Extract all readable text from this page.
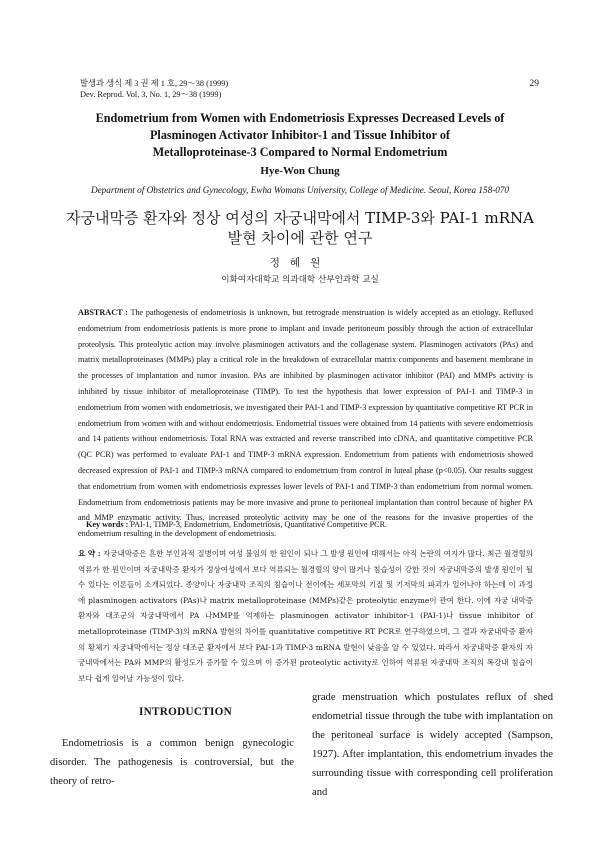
발생과 생식 제 3 권 제 1 호, 29～38 (1999)
Dev. Reprod. Vol. 3, No. 1, 29～38 (1999)
29
Endometrium from Women with Endometriosis Expresses Decreased Levels of
Plasminogen Activator Inhibitor-1 and Tissue Inhibitor of
Metalloproteinase-3 Compared to Normal Endometrium
Hye-Won Chung
Department of Obstetrics and Gynecology, Ewha Womans University, College of Medicine. Seoul, Korea 158-070
자궁내막증 환자와 정상 여성의 자궁내막에서 TIMP-3와 PAI-1 mRNA
발현 차이에 관한 연구
정혜원
이화여자대학교 의과대학 산부인과학 교실
ABSTRACT : The pathogenesis of endometriosis is unknown, but retrograde menstruation is widely accepted as an etiology. Refluxed endometrium from endometriosis patients is more prone to implant and invade peritoneum possibly through the action of extracellular proteolysis. This proteolytic action may involve plasminogen activators and the collagenase system. Plasminogen activators (PAs) and matrix metalloproteinases (MMPs) play a critical role in the breakdown of extracellular matrix components and basement membrane in the processes of implantation and tumor invasion. PAs are inhibited by plasminogen activator inhibitor (PAI) and MMPs activity is inhibited by tissue inhibitor of metalloproteinase (TIMP). To test the hypothesis that lower expression of PAI-1 and TIMP-3 in endometrium from women with endometriosis, we investigated their PAI-1 and TIMP-3 expression by quantitative competitive RT PCR in endometrium from women with and without endometriosis. Endometrial tissues were obtained from 14 patients with severe endometriosis and 14 patients without endometriosis. Total RNA was extracted and reverse transcribed into cDNA, and quantitative competitive PCR (QC PCR) was performed to evaluate PAI-1 and TIMP-3 mRNA expression. Endometrium from patients with endometriosis showed decreased expression of PAI-1 and TIMP-3 mRNA compared to endometrium from control in luteal phase (p<0.05). Our results suggest that endometrium from women with endometriosis expresses lower levels of PAI-1 and TIMP-3 than endometrium from normal women. Endometrium from endometriosis patients may be more invasive and prone to peritoneal implantation than control because of higher PA and MMP enzymatic activity. Thus, increased proteolytic activity may be one of the reasons for the invasive properties of the endometrium resulting in the development of endometriosis.
Key words : PAI-1, TIMP-3, Endometrium, Endometriosis, Quantitative Competitive PCR.
요 약 : 자궁내막증은 흔한 부인과적 질병이며 여성 불임의 한 원인이 되나 그 발생 원인에 대해서는 아직 논란의 여지가 많다. 최근 월경혈의 역류가 한 원인이며 자궁내막증 환자가 정상여성에서 보다 역류되는 월경혈의 양이 많거나 침습성이 강한 것이 자궁내막증의 발생 원인이 될 수 있다는 이론들이 소개되었다. 종양이나 자궁내막 조직의 침습이나 전이에는 세포막의 기질 및 기저막의 파괴가 일어나야 하는데 이 과정에 plasminogen activators (PAs)나 matrix metalloproteinase (MMPs)같은 proteolytic enzyme이 관여 한다. 이에 자궁 내막증환자와 대조군의 자궁내막에서 PA 나MMP를 억제하는 plasminogen activator inhibitor-1 (PAI-1)나 tissue inhibitor of metalloproteinase (TIMP-3)의 mRNA 발현의 차이를 quantitative competitive RT PCR로 연구하였으며, 그 결과 자궁내막증 환자의 황체기 자궁내막에서는 정상 대조군 환자에서 보다 PAI-1과 TIMP-3 mRNA 발현이 낮음을 알 수 있었다. 따라서 자궁내막증 환자의 자궁내막에서는 PA와 MMP의 활성도가 증가할 수 있으며 이 증가된 proteolytic activity로 인하여 역류된 자궁내막 조직의 복강내 침습이 보다 쉽게 일어날 가능성이 있다.
INTRODUCTION
Endometriosis is a common benign gynecologic disorder. The pathogenesis is controversial, but the theory of retro-
grade menstruation which postulates reflux of shed endometrial tissue through the tube with implantation on the peritoneal surface is widely accepted (Sampson, 1927). After implantation, this endometrium invades the surrounding tissue with corresponding cell proliferation and
